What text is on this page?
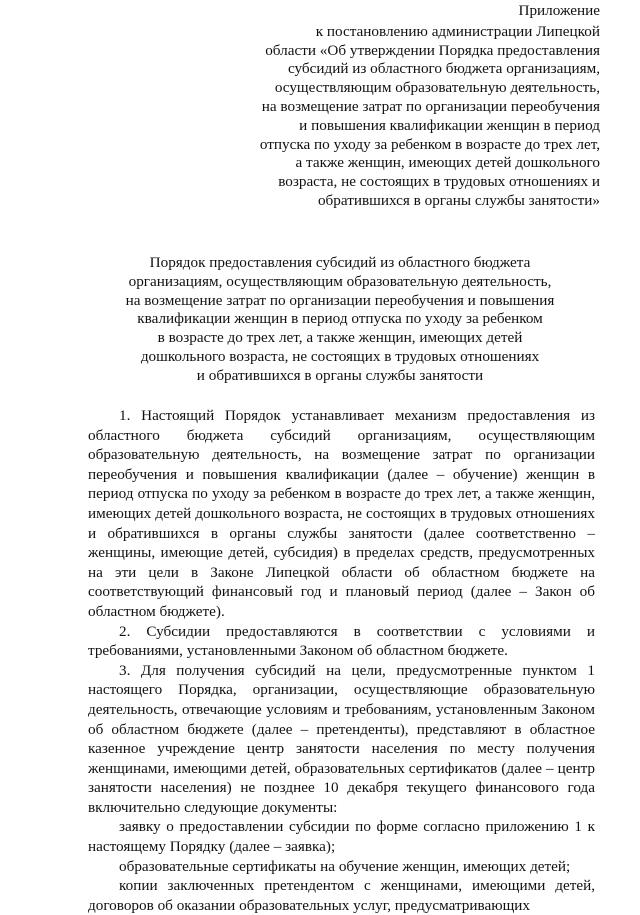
Приложение

к постановлению администрации Липецкой

области «Об утверждении Порядка предоставления

субсидий из областного бюджета организациям,

осуществляющим образовательную деятельность,

на возмещение затрат по организации переобучения

и повышения квалификации женщин в период

отпуска по уходу за ребенком в возрасте до трех лет,

а также женщин, имеющих детей дошкольного

возраста, не состоящих в трудовых отношениях и

обратившихся в органы службы занятости»

Порядок предоставления субсидий из областного бюджета

организациям, осуществляющим образовательную деятельность,

на возмещение затрат по организации переобучения и повышения

квалификации женщин в период отпуска по уходу за ребенком

в возрасте до трех лет, а также женщин, имеющих детей

дошкольного возраста, не состоящих в трудовых отношениях

и обратившихся в органы службы занятости

1. Настоящий Порядок устанавливает механизм предоставления из областного бюджета субсидий организациям, осуществляющим образовательную деятельность, на возмещение затрат по организации переобучения и повышения квалификации (далее – обучение) женщин в период отпуска по уходу за ребенком в возрасте до трех лет, а также женщин, имеющих детей дошкольного возраста, не состоящих в трудовых отношениях и обратившихся в органы службы занятости (далее соответственно – женщины, имеющие детей, субсидия) в пределах средств, предусмотренных на эти цели в Законе Липецкой области об областном бюджете на соответствующий финансовый год и плановый период (далее – Закон об областном бюджете).

2. Субсидии предоставляются в соответствии с условиями и требованиями, установленными Законом об областном бюджете.

3. Для получения субсидий на цели, предусмотренные пунктом 1 настоящего Порядка, организации, осуществляющие образовательную деятельность, отвечающие условиям и требованиям, установленным Законом об областном бюджете (далее – претенденты), представляют в областное казенное учреждение центр занятости населения по месту получения женщинами, имеющими детей, образовательных сертификатов (далее – центр занятости населения) не позднее 10 декабря текущего финансового года включительно следующие документы:

заявку о предоставлении субсидии по форме согласно приложению 1 к настоящему Порядку (далее – заявка);

образовательные сертификаты на обучение женщин, имеющих детей;

копии заключенных претендентом с женщинами, имеющими детей, договоров об оказании образовательных услуг, предусматривающих
